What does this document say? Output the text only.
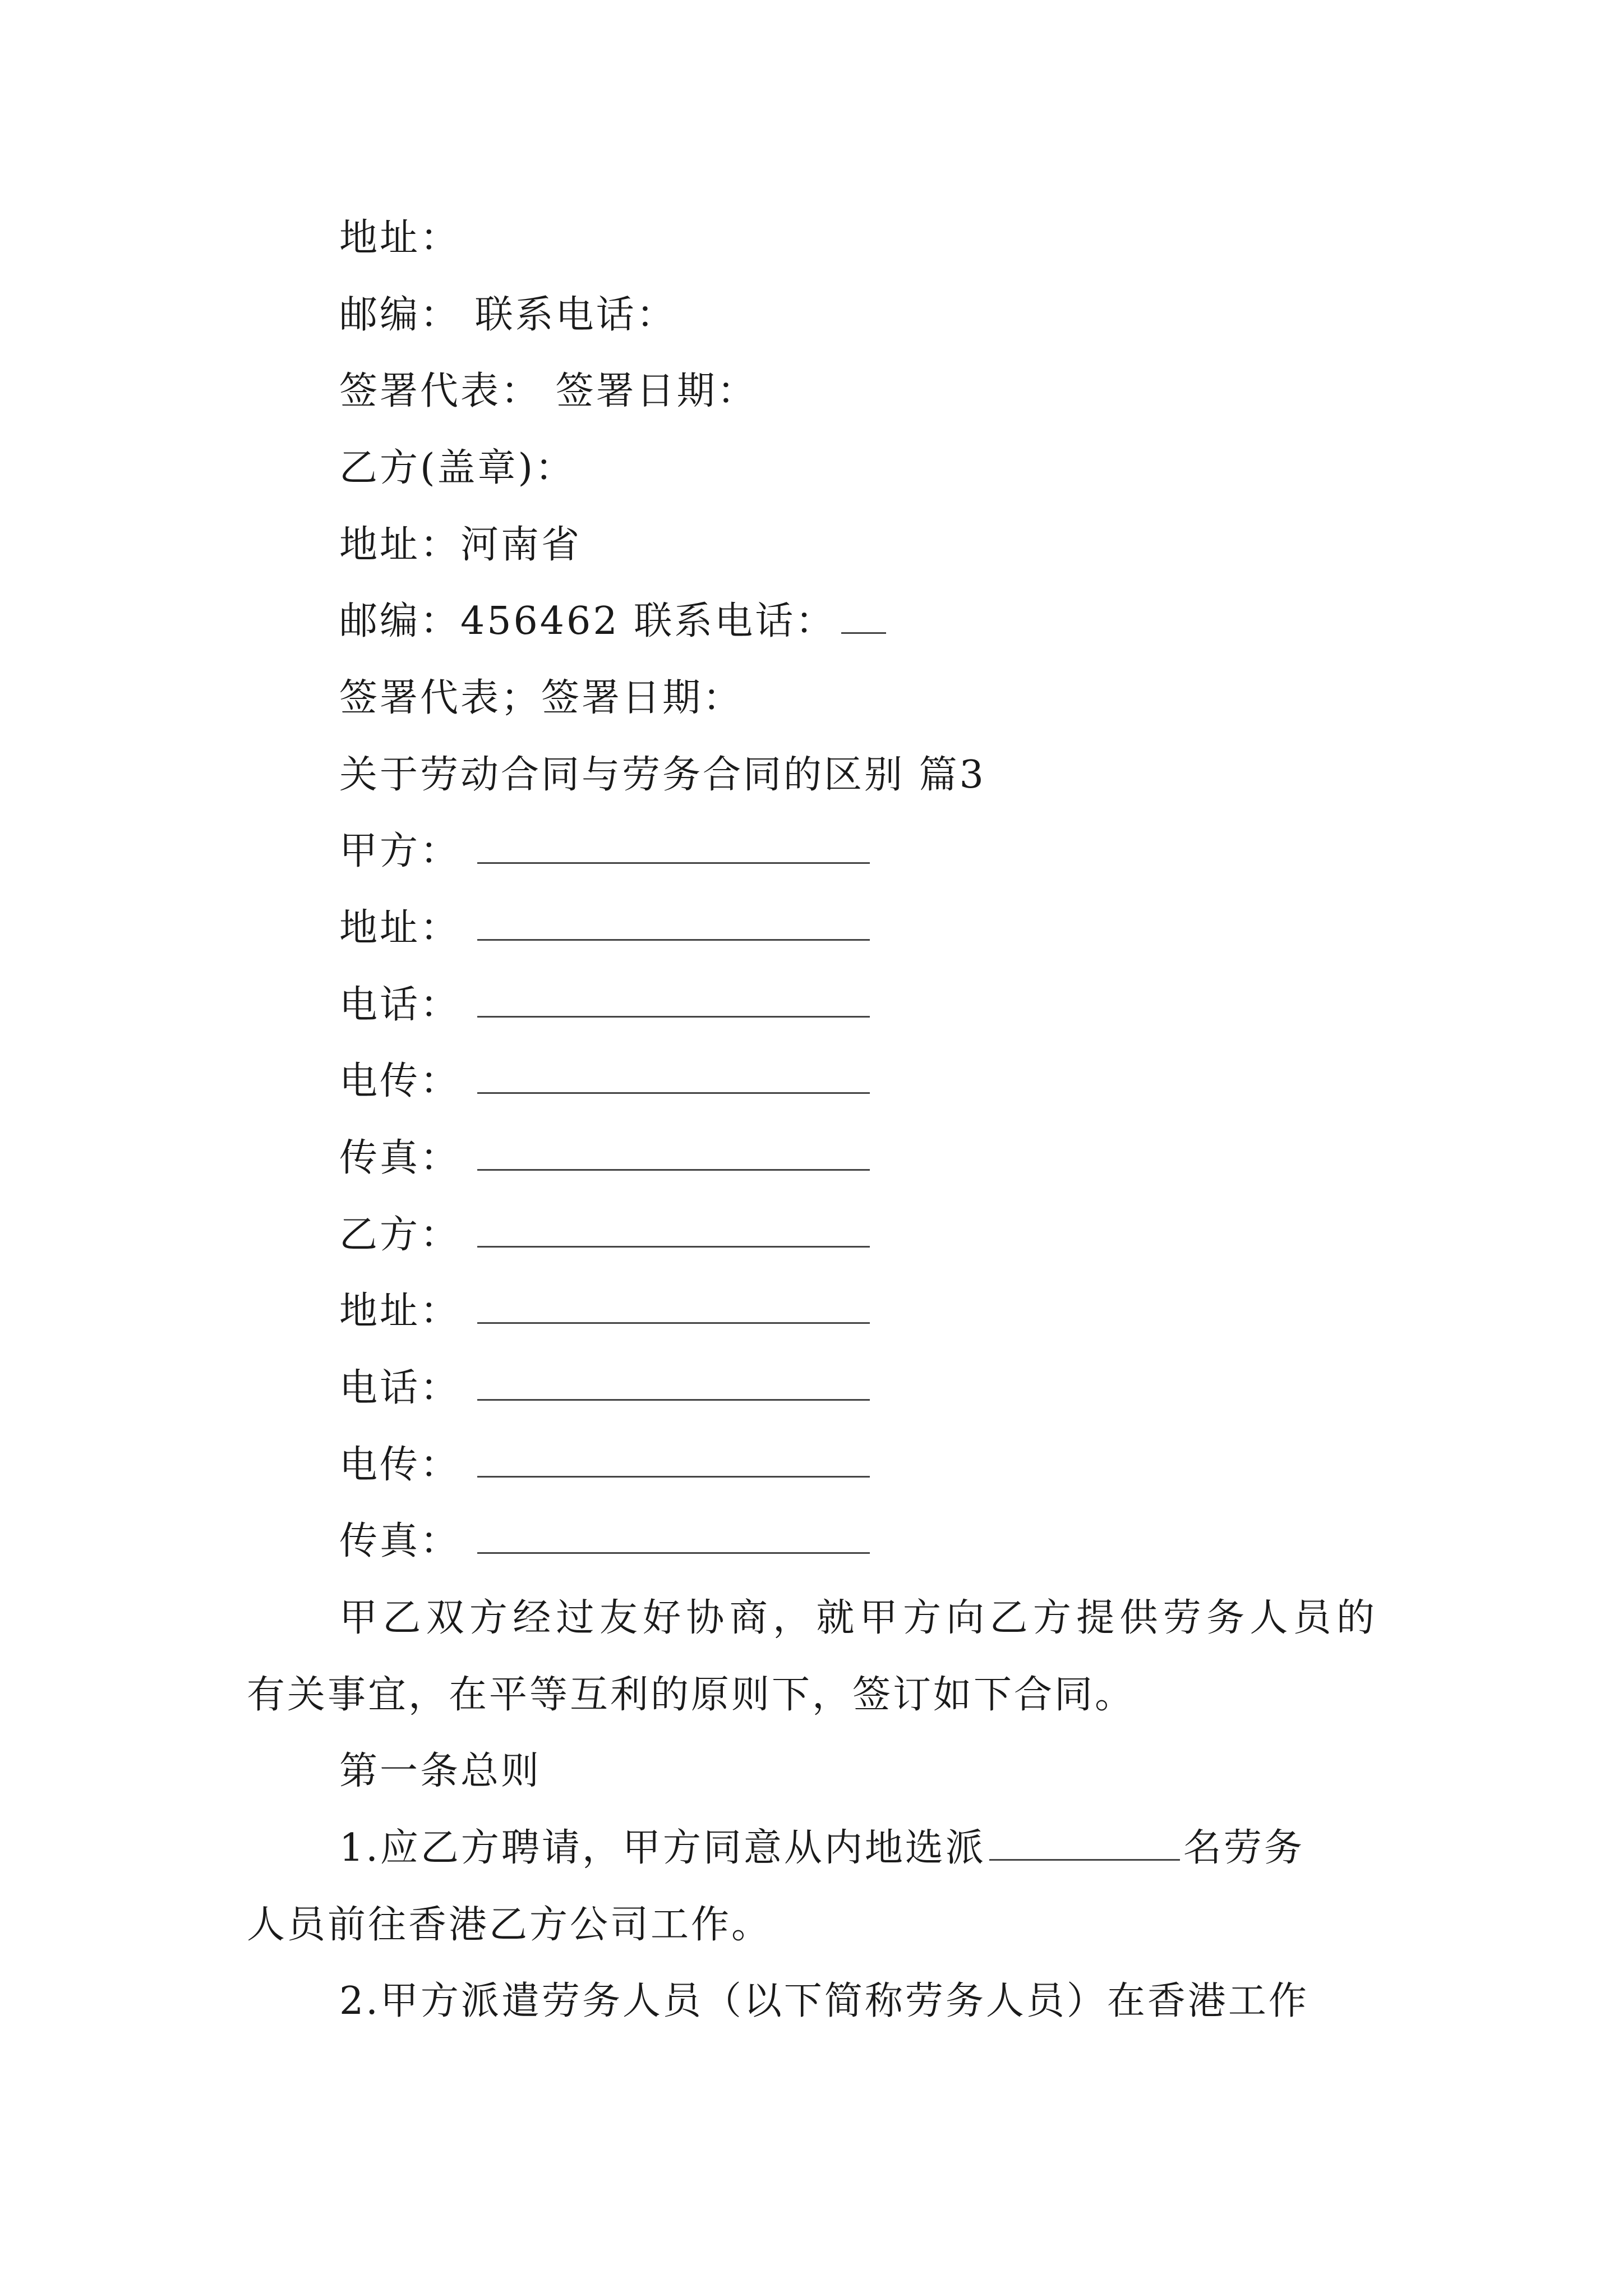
地址：
邮编： 联系电话：
签署代表： 签署日期：
乙方(盖章)：
地址：河南省
邮编：456462 联系电话：
签署代表；签署日期：
关于劳动合同与劳务合同的区别 篇3
甲方：
地址：
电话：
电传：
传真：
乙方：
地址：
电话：
电传：
传真：
甲乙双方经过友好协商，就甲方向乙方提供劳务人员的
有关事宜，在平等互利的原则下，签订如下合同。
第一条总则
1.应乙方聘请，甲方同意从内地选派	名劳务
人员前往香港乙方公司工作。
2.甲方派遣劳务人员（以下简称劳务人员）在香港工作
